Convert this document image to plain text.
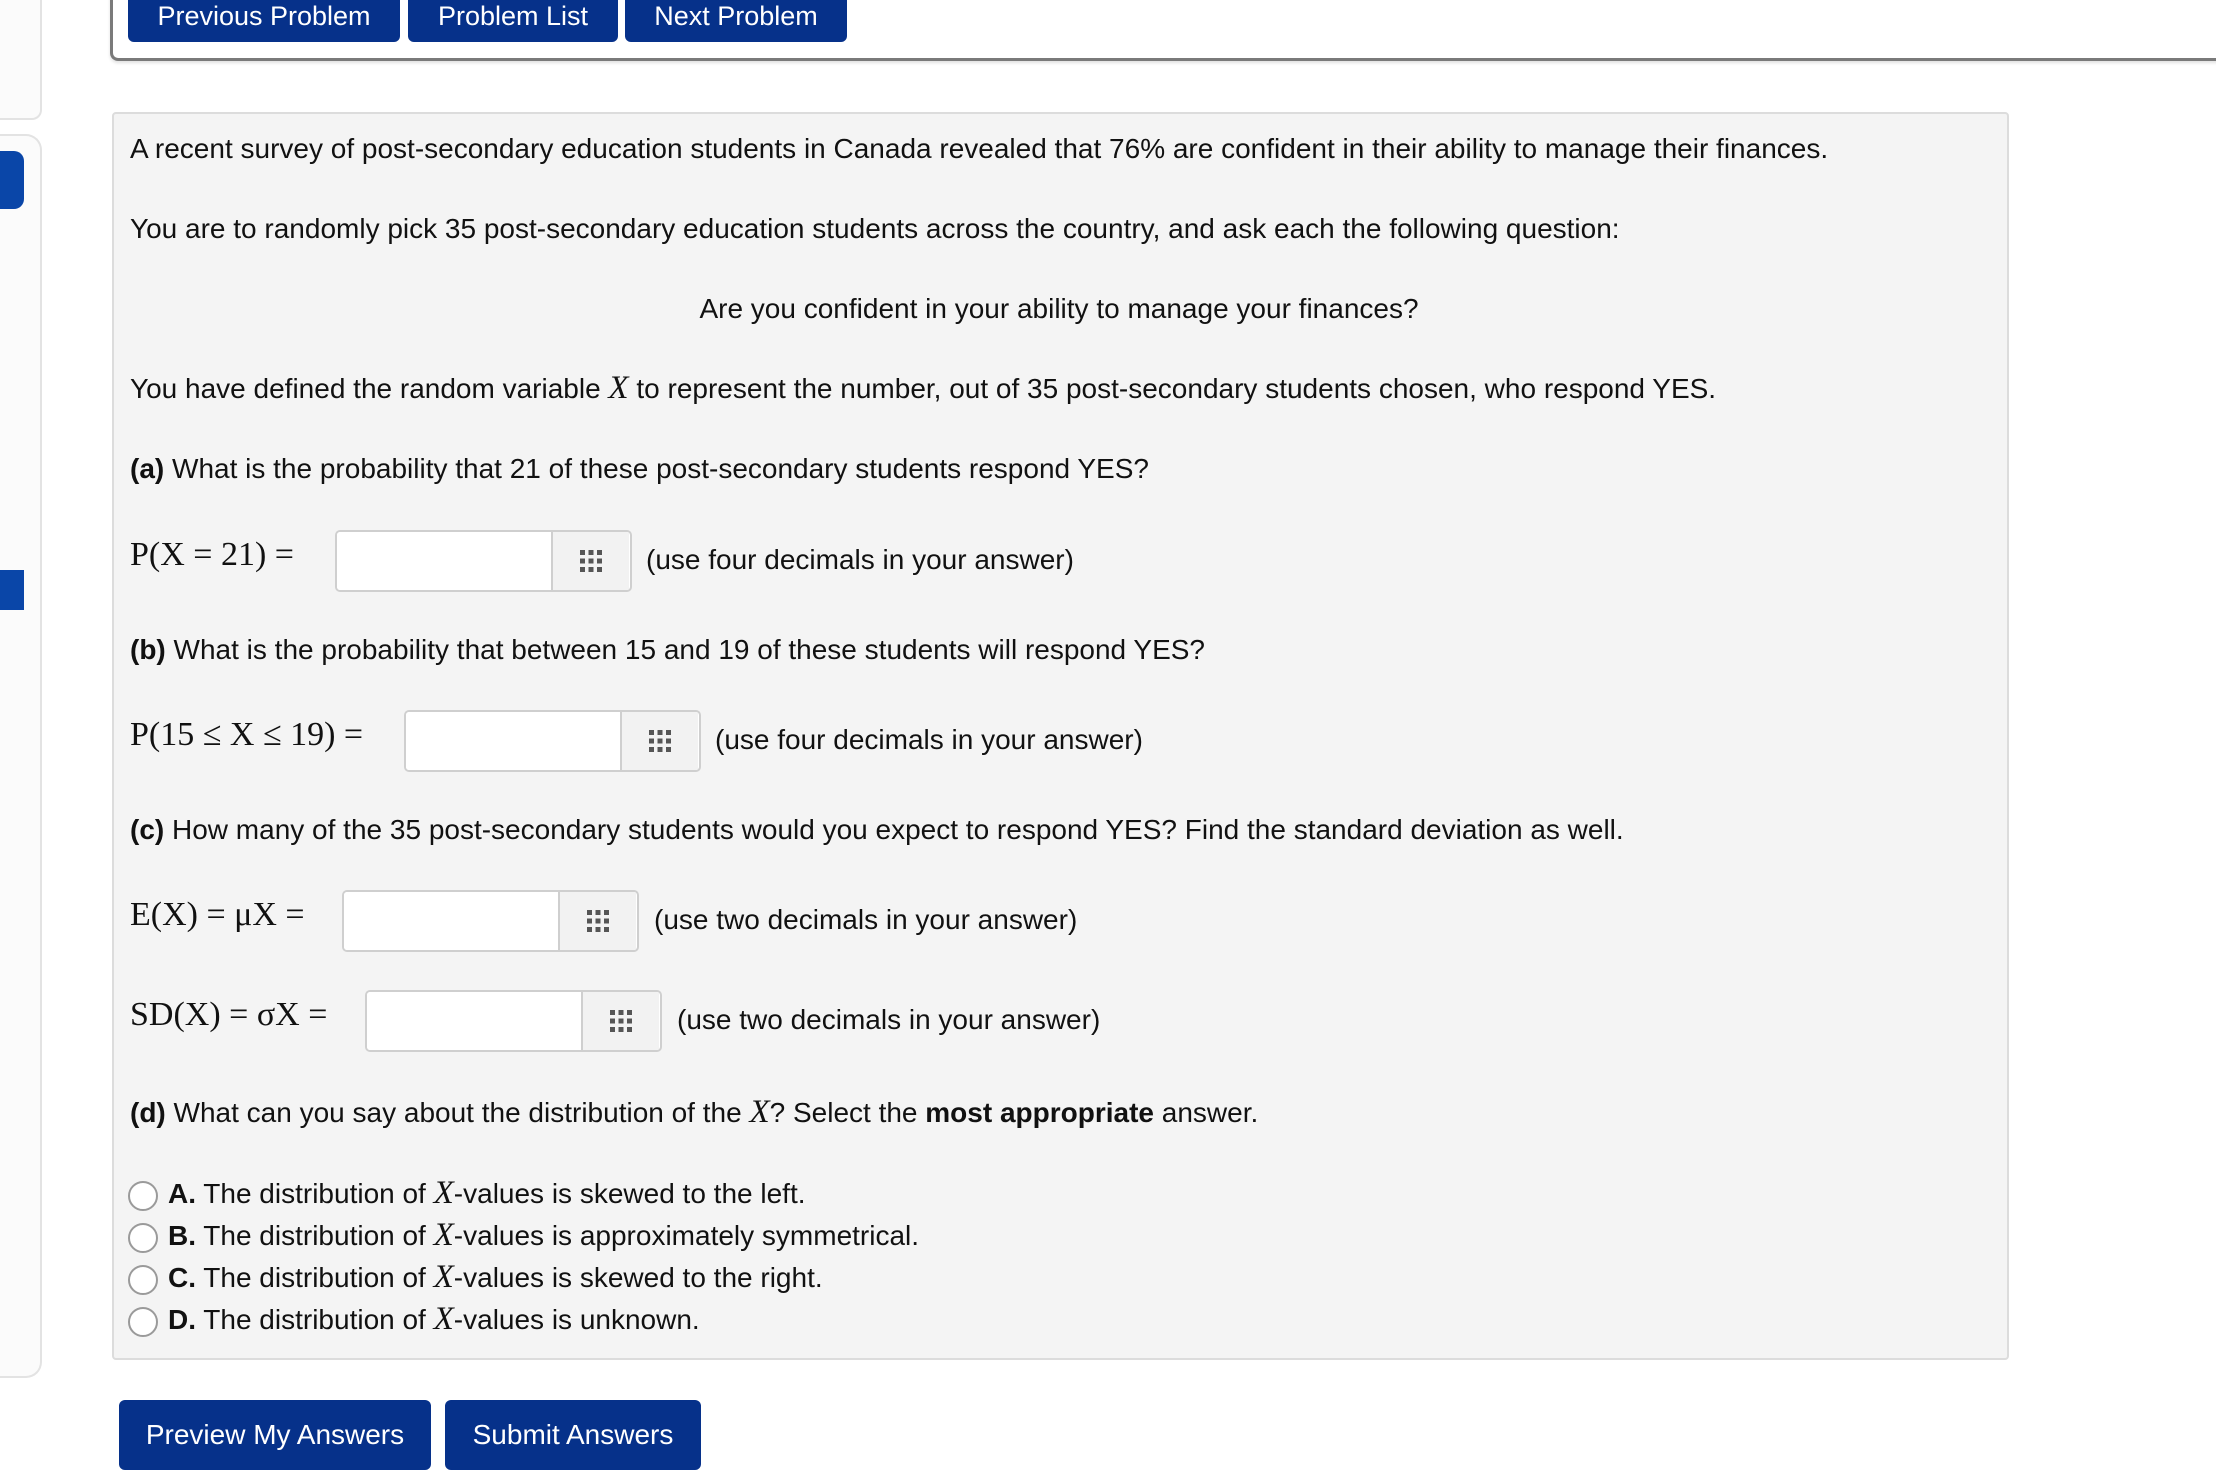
Previous Problem	Problem List	Next Problem
A recent survey of post-secondary education students in Canada revealed that 76% are confident in their ability to manage their finances.
You are to randomly pick 35 post-secondary education students across the country, and ask each the following question:
Are you confident in your ability to manage your finances?
You have defined the random variable X to represent the number, out of 35 post-secondary students chosen, who respond YES.
(a) What is the probability that 21 of these post-secondary students respond YES?
P(X = 21) =	(use four decimals in your answer)
(b) What is the probability that between 15 and 19 of these students will respond YES?
P(15 ≤ X ≤ 19) =	(use four decimals in your answer)
(c) How many of the 35 post-secondary students would you expect to respond YES? Find the standard deviation as well.
E(X) = μX =	(use two decimals in your answer)
SD(X) = σX =	(use two decimals in your answer)
(d) What can you say about the distribution of the X? Select the most appropriate answer.
A. The distribution of X-values is skewed to the left.
B. The distribution of X-values is approximately symmetrical.
C. The distribution of X-values is skewed to the right.
D. The distribution of X-values is unknown.
Preview My Answers	Submit Answers
